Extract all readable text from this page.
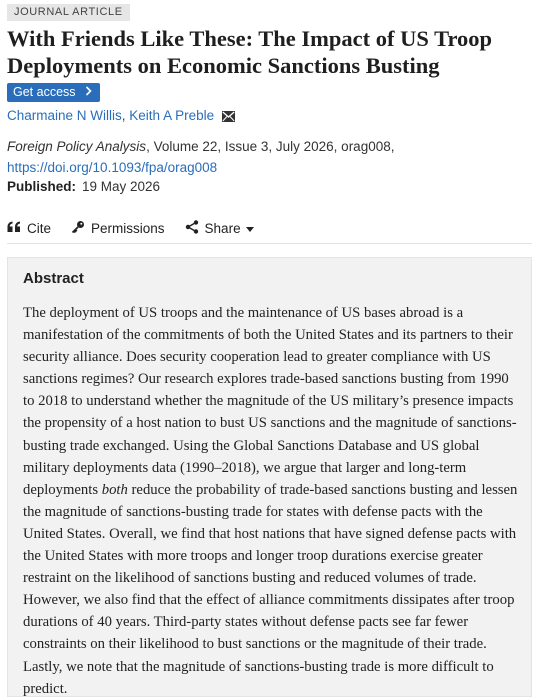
JOURNAL ARTICLE
With Friends Like These: The Impact of US Troop Deployments on Economic Sanctions Busting
Get access
Charmaine N Willis, Keith A Preble
Foreign Policy Analysis, Volume 22, Issue 3, July 2026, orag008,
https://doi.org/10.1093/fpa/orag008
Published: 19 May 2026
Cite	Permissions	Share
Abstract

The deployment of US troops and the maintenance of US bases abroad is a manifestation of the commitments of both the United States and its partners to their security alliance. Does security cooperation lead to greater compliance with US sanctions regimes? Our research explores trade-based sanctions busting from 1990 to 2018 to understand whether the magnitude of the US military’s presence impacts the propensity of a host nation to bust US sanctions and the magnitude of sanctions-busting trade exchanged. Using the Global Sanctions Database and US global military deployments data (1990–2018), we argue that larger and long-term deployments both reduce the probability of trade-based sanctions busting and lessen the magnitude of sanctions-busting trade for states with defense pacts with the United States. Overall, we find that host nations that have signed defense pacts with the United States with more troops and longer troop durations exercise greater restraint on the likelihood of sanctions busting and reduced volumes of trade. However, we also find that the effect of alliance commitments dissipates after troop durations of 40 years. Third-party states without defense pacts see far fewer constraints on their likelihood to bust sanctions or the magnitude of their trade. Lastly, we note that the magnitude of sanctions-busting trade is more difficult to predict.
